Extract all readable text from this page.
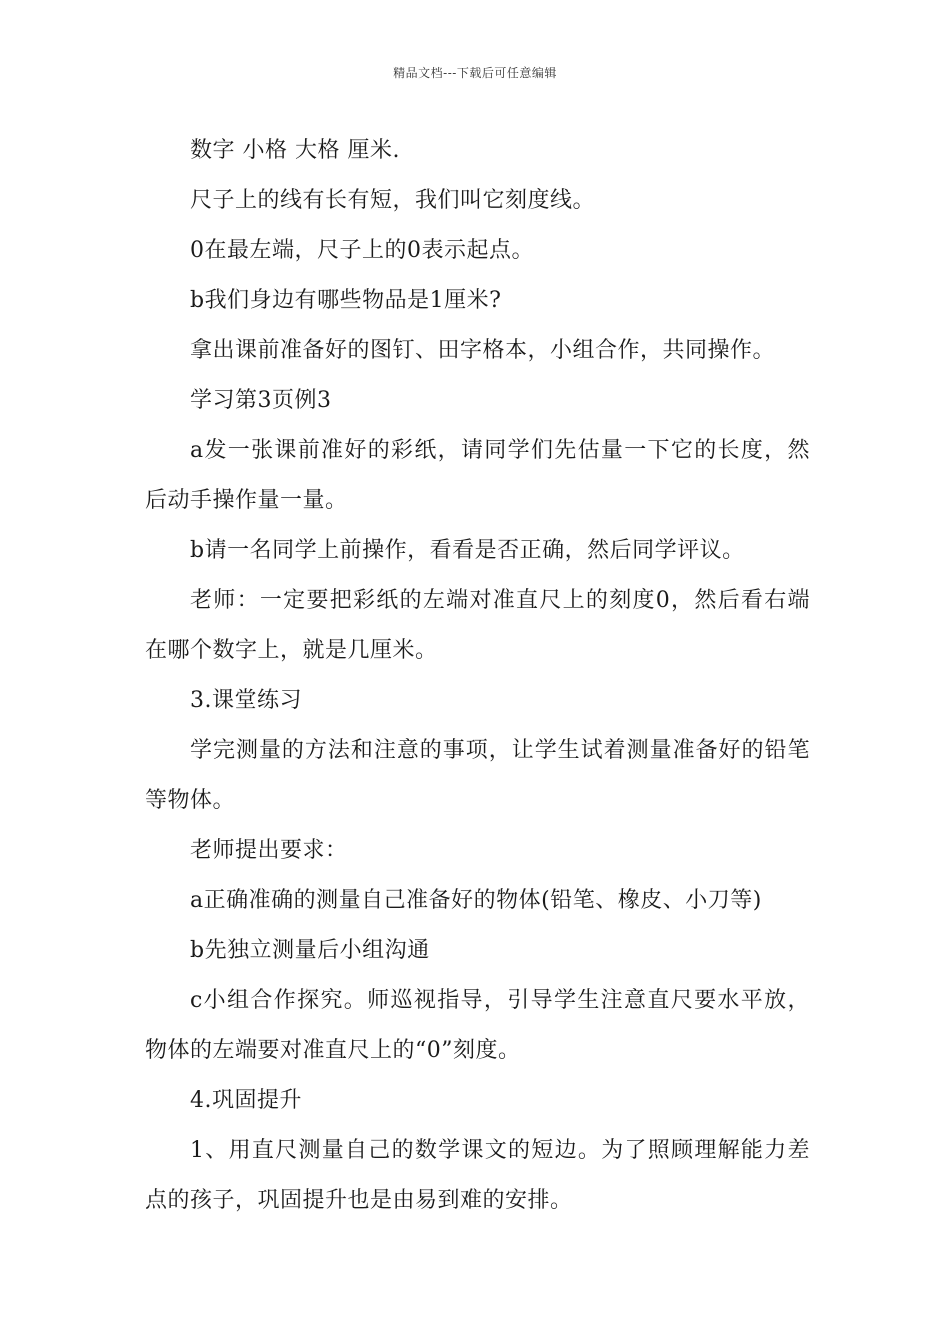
精品文档---下载后可任意编辑

数字 小格 大格 厘米.

尺子上的线有长有短，我们叫它刻度线。

0在最左端，尺子上的0表示起点。

b我们身边有哪些物品是1厘米?

拿出课前准备好的图钉、田字格本，小组合作，共同操作。

学习第3页例3

a发一张课前准好的彩纸，请同学们先估量一下它的长度，然后动手操作量一量。

b请一名同学上前操作，看看是否正确，然后同学评议。

老师：一定要把彩纸的左端对准直尺上的刻度0，然后看右端在哪个数字上，就是几厘米。

3.课堂练习

学完测量的方法和注意的事项，让学生试着测量准备好的铅笔等物体。

老师提出要求：

a正确准确的测量自己准备好的物体(铅笔、橡皮、小刀等)

b先独立测量后小组沟通

c小组合作探究。师巡视指导，引导学生注意直尺要水平放，物体的左端要对准直尺上的“0”刻度。

4.巩固提升

1、用直尺测量自己的数学课文的短边。为了照顾理解能力差点的孩子，巩固提升也是由易到难的安排。
